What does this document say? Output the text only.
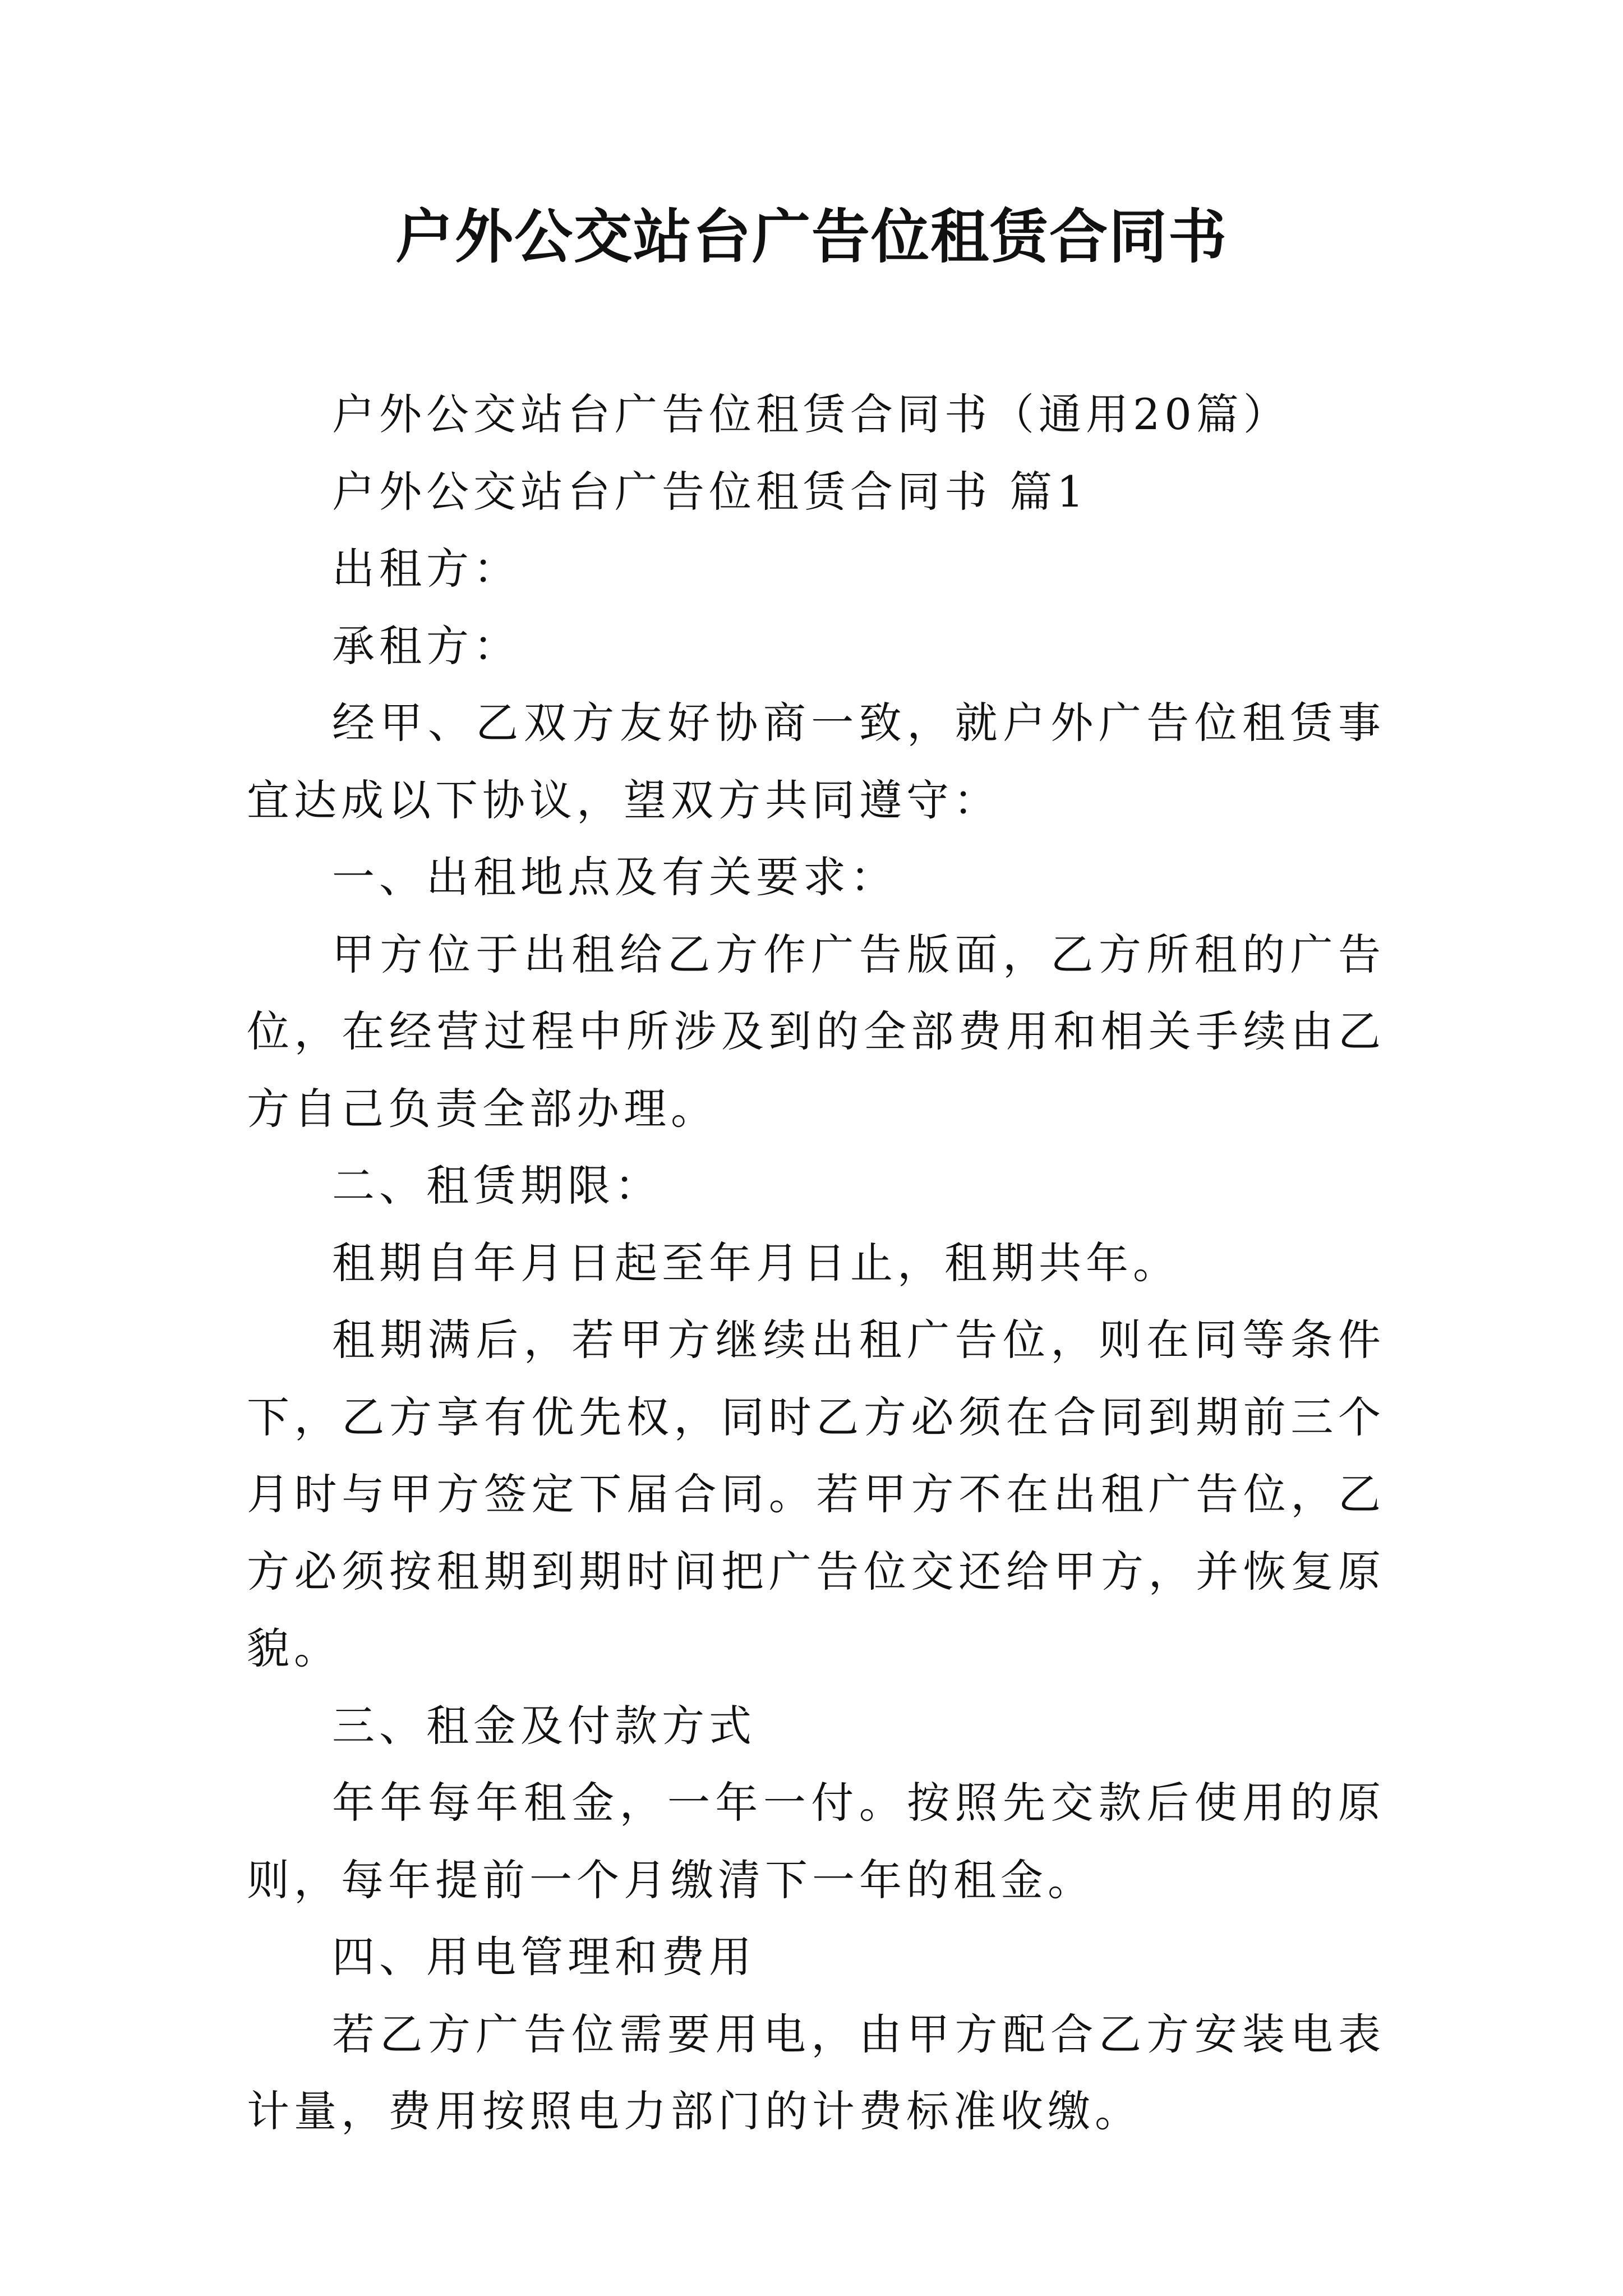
户外公交站台广告位租赁合同书

户外公交站台广告位租赁合同书（通用20篇）

户外公交站台广告位租赁合同书 篇1

出租方：

承租方：

经甲、乙双方友好协商一致，就户外广告位租赁事宜达成以下协议，望双方共同遵守：

一、出租地点及有关要求：

甲方位于出租给乙方作广告版面，乙方所租的广告位，在经营过程中所涉及到的全部费用和相关手续由乙方自己负责全部办理。

二、租赁期限：

租期自年月日起至年月日止，租期共年。

租期满后，若甲方继续出租广告位，则在同等条件下，乙方享有优先权，同时乙方必须在合同到期前三个月时与甲方签定下届合同。若甲方不在出租广告位，乙方必须按租期到期时间把广告位交还给甲方，并恢复原貌。

三、租金及付款方式

年年每年租金，一年一付。按照先交款后使用的原则，每年提前一个月缴清下一年的租金。

四、用电管理和费用

若乙方广告位需要用电，由甲方配合乙方安装电表计量，费用按照电力部门的计费标准收缴。
